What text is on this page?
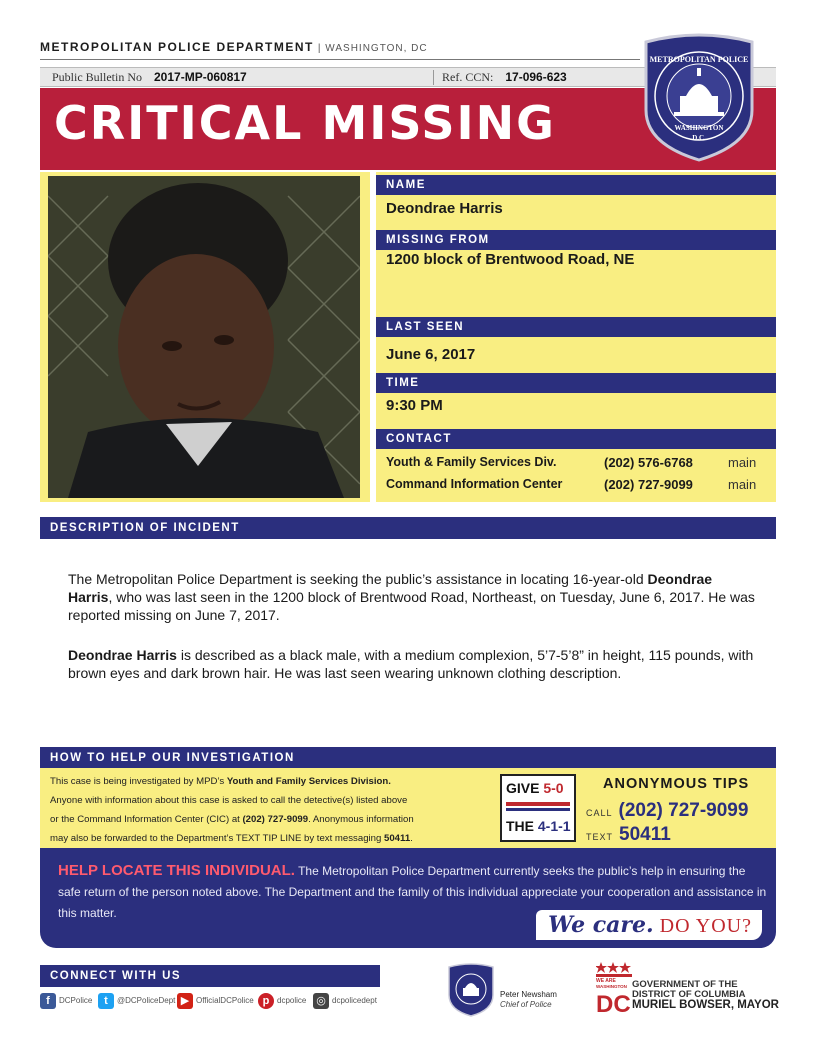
METROPOLITAN POLICE DEPARTMENT | WASHINGTON, DC
Public Bulletin No 2017-MP-060817	Ref. CCN: 17-096-623
CRITICAL MISSING
METROPOLITAN POLICE
WASHINGTON
D.C.
NAME
Deondrae Harris
MISSING FROM
1200 block of Brentwood Road, NE
LAST SEEN
June 6, 2017
TIME
9:30 PM
CONTACT
Youth & Family Services Div.	(202) 576-6768	main
Command Information Center	(202) 727-9099	main
DESCRIPTION OF INCIDENT
The Metropolitan Police Department is seeking the public’s assistance in locating 16-year-old Deondrae Harris, who was last seen in the 1200 block of Brentwood Road, Northeast, on Tuesday, June 6, 2017. He was reported missing on June 7, 2017.
Deondrae Harris is described as a black male, with a medium complexion, 5’7-5’8” in height, 115 pounds, with brown eyes and dark brown hair. He was last seen wearing unknown clothing description.
HOW TO HELP OUR INVESTIGATION
This case is being investigated by MPD’s Youth and Family Services Division.
Anyone with information about this case is asked to call the detective(s) listed above
or the Command Information Center (CIC) at (202) 727-9099. Anonymous information
may also be forwarded to the Department’s TEXT TIP LINE by text messaging 50411.
GIVE 5-0
THE 4-1-1
ANONYMOUS TIPS
CALL (202) 727-9099
TEXT 50411
HELP LOCATE THIS INDIVIDUAL. The Metropolitan Police Department currently seeks the public’s help in ensuring the safe return of the person noted above. The Department and the family of this individual appreciate your cooperation and assistance in this matter.	We care. DO YOU?
CONNECT WITH US
f DCPolice	t @DCPoliceDept ▶ OfficialDCPolice p dcpolice ◎ dcpolicedept
Peter Newsham
Chief of Police
WE ARE
WASHINGTON
DC
GOVERNMENT OF THE
DISTRICT OF COLUMBIA
MURIEL BOWSER, MAYOR
